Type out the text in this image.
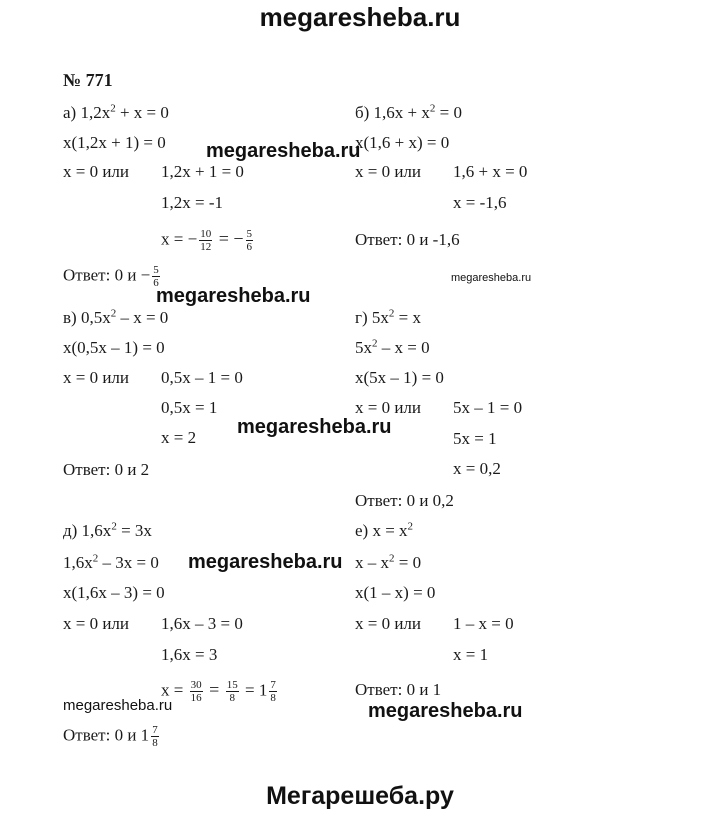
megaresheba.ru
№ 771
а) $1,2x^2 + x = 0$
x(1,2x + 1) = 0
x = 0 или 1,2x + 1 = 0
1,2x = -1
x = − $\frac{10}{12}$ = − $\frac{5}{6}$
Ответ: 0 $и - \frac{5}{6}$
б) $1,6x + x^2 = 0$
x(1,6 + x) = 0
x = 0 или 1,6 + x = 0
x = -1,6
Ответ: 0 и -1,6
в) $0,5x^2 - x = 0$
x(0,5x – 1) = 0
x = 0 или 0,5x – 1 = 0
0,5x = 1
x = 2
Ответ: 0 и 2
г) $5x^2 = x$
$5x^2 - x = 0$
x(5x – 1) = 0
x = 0 или 5x – 1 = 0
5x = 1
x = 0,2
Ответ: 0 и 0,2
д) $1,6x^2 = 3x$
$1,6x^2 - 3x = 0$
x(1,6x – 3) = 0
x = 0 или 1,6x – 3 = 0
1,6x = 3
$x = \frac{30}{16} = \frac{15}{8} = 1 \frac{7}{8}$
Ответ: 0 и $1 \frac{7}{8}$
е) $x = x^2$
$x - x^2 = 0$
x(1 – x) = 0
x = 0 или 1 – x = 0
x = 1
Ответ: 0 и 1
megaresheba.ru
megaresheba.ru
megaresheba.ru
megaresheba.ru
megaresheba.ru
megaresheba.ru	megaresheba.ru
Мегарешеба.ру
